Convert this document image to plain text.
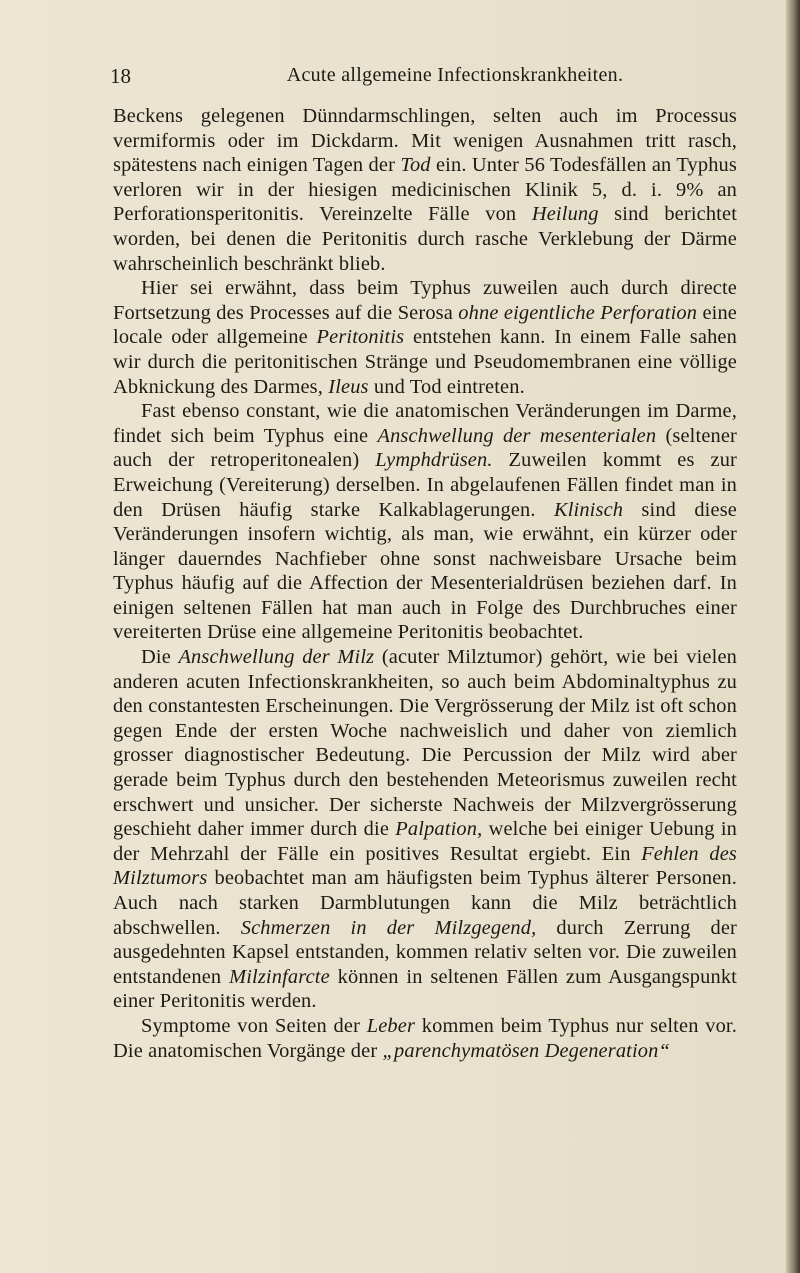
18	Acute allgemeine Infectionskrankheiten.

Beckens gelegenen Dünndarmschlingen, selten auch im Processus vermiformis oder im Dickdarm. Mit wenigen Ausnahmen tritt rasch, spätestens nach einigen Tagen der Tod ein. Unter 56 Todesfällen an Typhus verloren wir in der hiesigen medicinischen Klinik 5, d. i. 9% an Perforationsperitonitis. Vereinzelte Fälle von Heilung sind berichtet worden, bei denen die Peritonitis durch rasche Verklebung der Därme wahrscheinlich beschränkt blieb.

Hier sei erwähnt, dass beim Typhus zuweilen auch durch directe Fortsetzung des Processes auf die Serosa ohne eigentliche Perforation eine locale oder allgemeine Peritonitis entstehen kann. In einem Falle sahen wir durch die peritonitischen Stränge und Pseudomembranen eine völlige Abknickung des Darmes, Ileus und Tod eintreten.

Fast ebenso constant, wie die anatomischen Veränderungen im Darme, findet sich beim Typhus eine Anschwellung der mesenterialen (seltener auch der retroperitonealen) Lymphdrüsen. Zuweilen kommt es zur Erweichung (Vereiterung) derselben. In abgelaufenen Fällen findet man in den Drüsen häufig starke Kalkablagerungen. Klinisch sind diese Veränderungen insofern wichtig, als man, wie erwähnt, ein kürzer oder länger dauerndes Nachfieber ohne sonst nachweisbare Ursache beim Typhus häufig auf die Affection der Mesenterialdrüsen beziehen darf. In einigen seltenen Fällen hat man auch in Folge des Durchbruches einer vereiterten Drüse eine allgemeine Peritonitis beobachtet.

Die Anschwellung der Milz (acuter Milztumor) gehört, wie bei vielen anderen acuten Infectionskrankheiten, so auch beim Abdominaltyphus zu den constantesten Erscheinungen. Die Vergrösserung der Milz ist oft schon gegen Ende der ersten Woche nachweislich und daher von ziemlich grosser diagnostischer Bedeutung. Die Percussion der Milz wird aber gerade beim Typhus durch den bestehenden Meteorismus zuweilen recht erschwert und unsicher. Der sicherste Nachweis der Milzvergrösserung geschieht daher immer durch die Palpation, welche bei einiger Uebung in der Mehrzahl der Fälle ein positives Resultat ergiebt. Ein Fehlen des Milztumors beobachtet man am häufigsten beim Typhus älterer Personen. Auch nach starken Darmblutungen kann die Milz beträchtlich abschwellen. Schmerzen in der Milzgegend, durch Zerrung der ausgedehnten Kapsel entstanden, kommen relativ selten vor. Die zuweilen entstandenen Milzinfarcte können in seltenen Fällen zum Ausgangspunkt einer Peritonitis werden.

Symptome von Seiten der Leber kommen beim Typhus nur selten vor. Die anatomischen Vorgänge der „parenchymatösen Degeneration“
